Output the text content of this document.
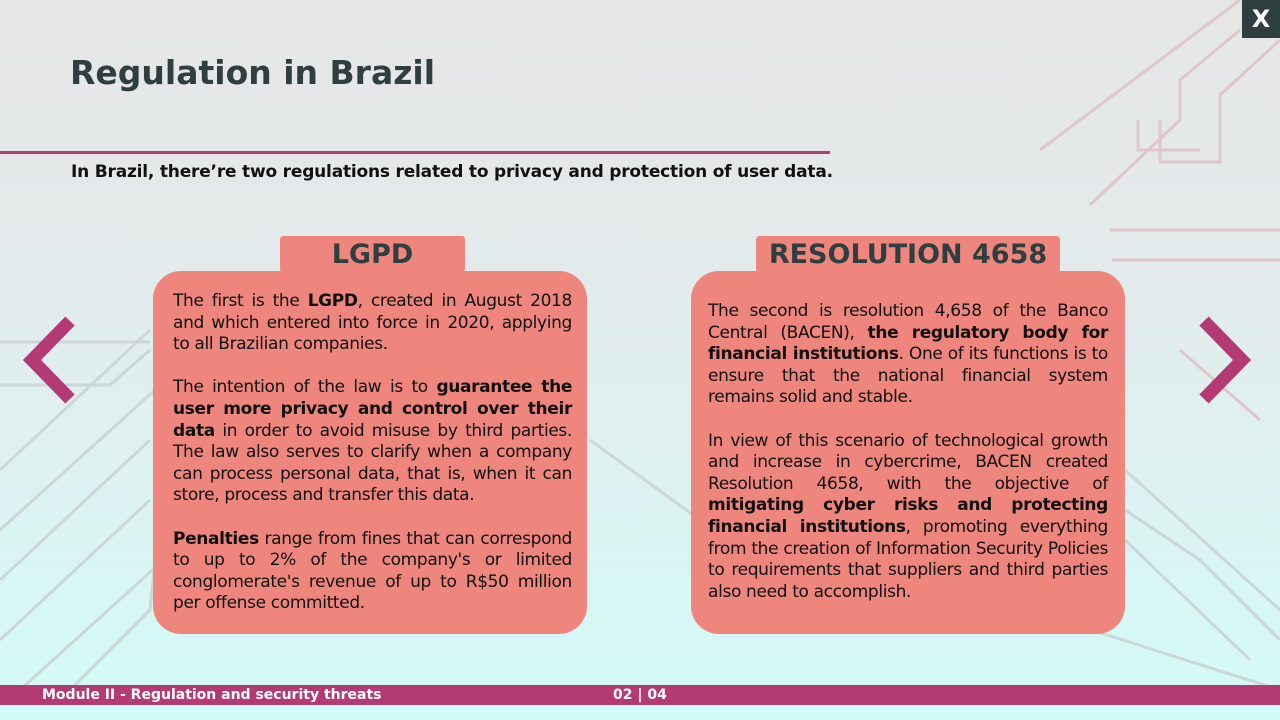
X
Regulation in Brazil

In Brazil, there’re two regulations related to privacy and protection of user data.

LGPD

The first is the LGPD, created in August 2018 and which entered into force in 2020, applying to all Brazilian companies.

The intention of the law is to guarantee the user more privacy and control over their data in order to avoid misuse by third parties. The law also serves to clarify when a company can process personal data, that is, when it can store, process and transfer this data.

Penalties range from fines that can correspond to up to 2% of the company's or limited conglomerate's revenue of up to R$50 million per offense committed.

RESOLUTION 4658

The second is resolution 4,658 of the Banco Central (BACEN), the regulatory body for financial institutions. One of its functions is to ensure that the national financial system remains solid and stable.

In view of this scenario of technological growth and increase in cybercrime, BACEN created Resolution 4658, with the objective of mitigating cyber risks and protecting financial institutions, promoting everything from the creation of Information Security Policies to requirements that suppliers and third parties also need to accomplish.

Module II - Regulation and security threats	02 | 04
